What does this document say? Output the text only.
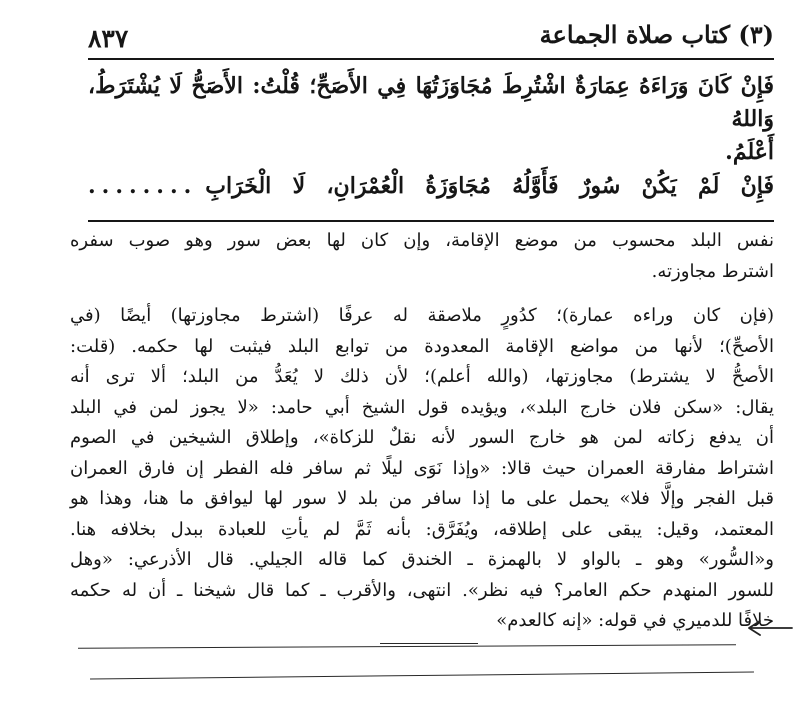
٨٣٧	(٣) كتاب صلاة الجماعة

فَإِنْ كَانَ وَرَاءَهُ عِمَارَةٌ اشْتُرِطَ مُجَاوَزَتُهَا فِي الأَصَحِّ؛ قُلْتُ: الأَصَحُّ لَا يُشْتَرَطُ، وَاللهُ

أَعْلَمُ.

فَإِنْ لَمْ يَكُنْ سُورٌ فَأَوَّلُهُ مُجَاوَزَةُ الْعُمْرَانِ، لَا الْخَرَابِ........

نفس البلد محسوب من موضع الإقامة، وإن كان لها بعض سور وهو صوب سفره
اشترط مجاوزته.
(فإن كان وراءه عمارة)؛ كدُورٍ ملاصقة له عرفًا (اشترط مجاوزتها) أيضًا (في
الأصحِّ)؛ لأنها من مواضع الإقامة المعدودة من توابع البلد فيثبت لها حكمه. (قلت:
الأصحُّ لا يشترط) مجاوزتها، (والله أعلم)؛ لأن ذلك لا يُعَدُّ من البلد؛ ألا ترى أنه
يقال: «سكن فلان خارج البلد»، ويؤيده قول الشيخ أبي حامد: «لا يجوز لمن في البلد
أن يدفع زكاته لمن هو خارج السور لأنه نقلٌ للزكاة»، وإطلاق الشيخين في الصوم
اشتراط مفارقة العمران حيث قالا: «وإذا نَوَى ليلًا ثم سافر فله الفطر إن فارق العمران
قبل الفجر وإلَّا فلا» يحمل على ما إذا سافر من بلد لا سور لها ليوافق ما هنا، وهذا هو
المعتمد، وقيل: يبقى على إطلاقه، ويُفَرَّق: بأنه ثَمَّ لم يأتِ للعبادة ببدل بخلافه هنا.
و«السُّور» وهو ـ بالواو لا بالهمزة ـ الخندق كما قاله الجيلي. قال الأذرعي: «وهل
للسور المنهدم حكم العامر؟ فيه نظر». انتهى، والأقرب ـ كما قال شيخنا ـ أن له حكمه
خلافًا للدميري في قوله: «إنه كالعدم»
